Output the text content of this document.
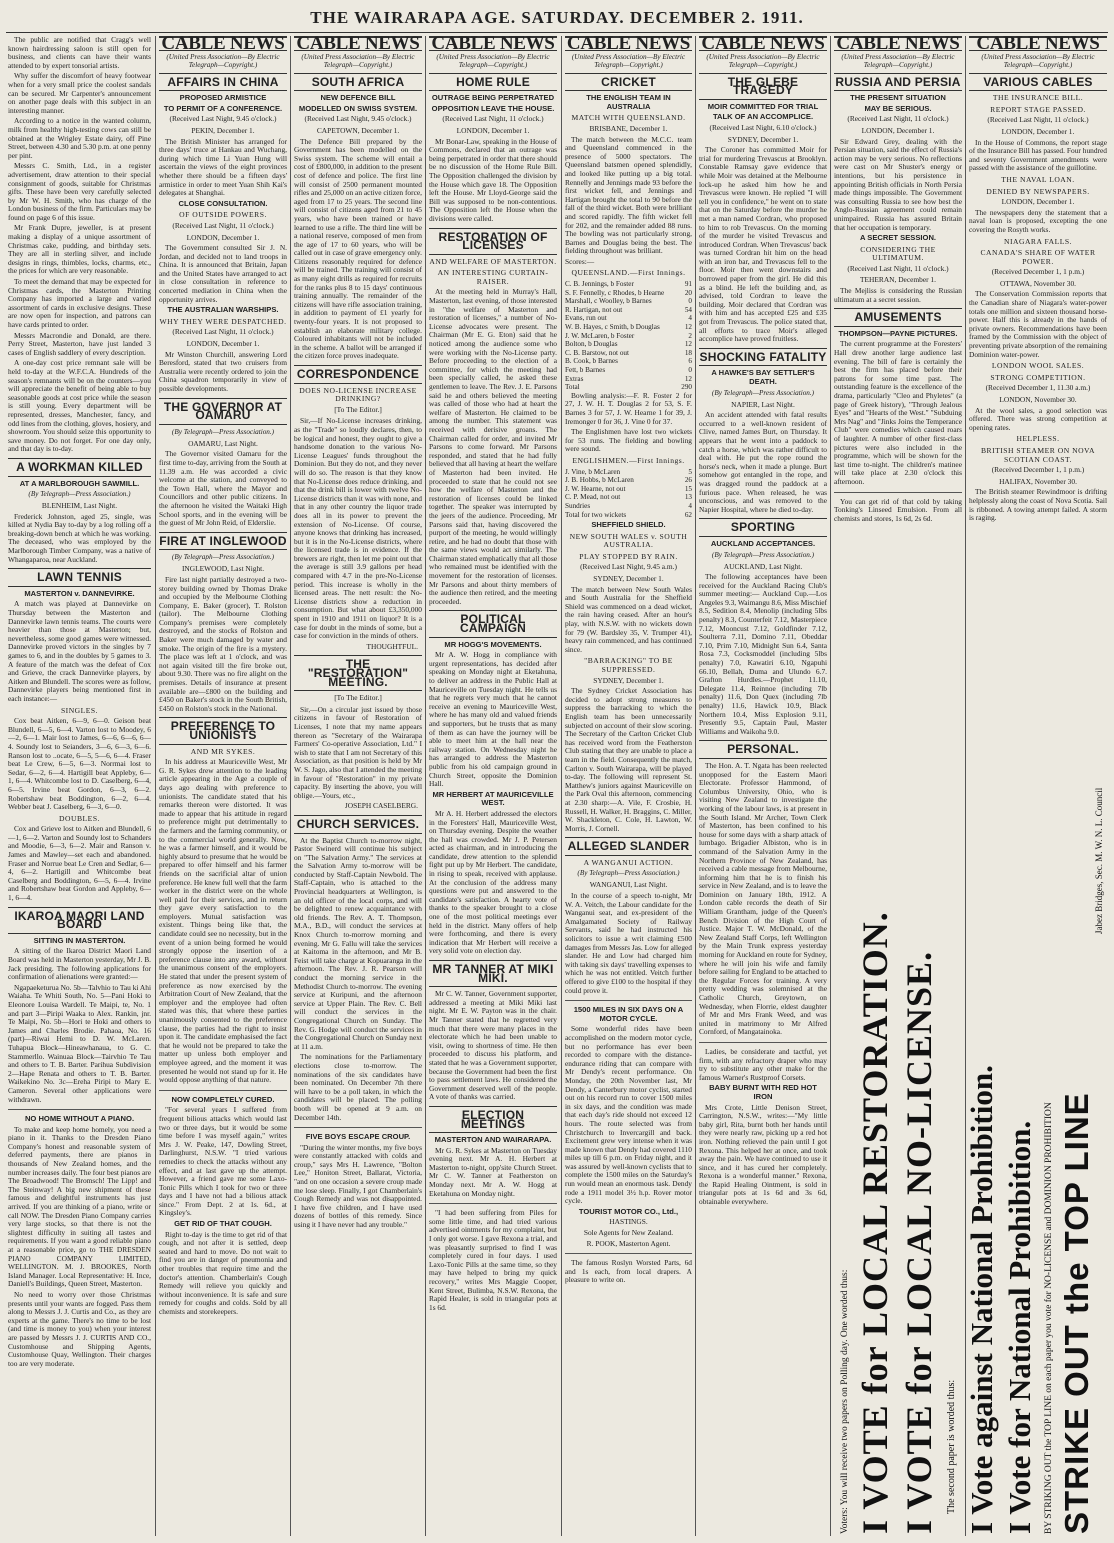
THE WAIRARAPA AGE. SATURDAY. DECEMBER 2. 1911.

The public are notified that Cragg's well known hairdressing saloon is still open for business, and clients can have their wants attended to by expert tonsorial artists.

Why suffer the discomfort of heavy footwear when for a very small price the coolest sandals can be secured. Mr Carpenter's announcement on another page deals with this subject in an interesting manner.

According to a notice in the wanted column, milk from healthy high-testing cows can still be obtained at the Wrigley Estate dairy, off Pine Street, between 4.30 and 5.30 p.m. at one penny per pint.

Messrs C. Smith, Ltd., in a register advertisement, draw attention to their special consignment of goods, suitable for Christmas gifts. These have been very carefully selected by Mr W. H. Smith, who has charge of the London business of the firm. Particulars may be found on page 6 of this issue.

Mr Frank Dupre, jeweller, is at present making a display of a unique assortment of Christmas cake, pudding, and birthday sets. They are all in sterling silver, and include designs in rings, thimbles, locks, charms, etc., the prices for which are very reasonable.

To meet the demand that may be expected for Christmas cards, the Masterton Printing Company has imported a large and varied assortment of cards in exclusive designs. These are now open for inspection, and patrons can have cards printed to order.

Messrs Macrondie and Donald, are there. Perry Street, Masterton, have just landed 3 cases of English saddlery of every description.

A one-day cost price remnant sale will be held to-day at the W.F.C.A. Hundreds of the season's remnants will be on the counters—you will appreciate the benefit of being able to buy seasonable goods at cost price while the season is still young. Every department will be represented, dresses, Manchester, fancy, and odd lines from the clothing, gloves, hosiery, and showroom. You should seize this opportunity to save money. Do not forget. For one day only, and that day is to-day.

A WORKMAN KILLED
AT A MARLBOROUGH SAWMILL.
(By Telegraph—Press Association.)
BLENHEIM, Last Night.

Frederick Johnston, aged 25, single, was killed at Nydia Bay to-day by a log rolling off a breaking-down bench at which he was working. The deceased, who was employed by the Marlborough Timber Company, was a native of Whangaparoa, near Auckland.

LAWN TENNIS
MASTERTON v. DANNEVIRKE.

A match was played at Dannevirke on Thursday between the Masterton and Dannevirke lawn tennis teams. The courts were heavier than those at Masterton; but, nevertheless, some good games were witnessed. Dannevirke proved victors in the singles by 7 games to 6, and in the doubles by 5 games to 3. A feature of the match was the defeat of Cox and Grieve, the crack Dannevirke players, by Aitken and Blundell. The scores were as follow, Dannevirke players being mentioned first in each instance:—

SINGLES.

Cox beat Aitken, 6—9, 6—0. Geison beat Blundell, 6—5, 6—4. Varton lost to Moodey, 6—2, 6—1. Mair lost to James, 6—6, 6—6, 6—4. Soundy lost to Seianders, 3—6, 6—3, 6—6. Ranson lost to ..ocate, 6—5, 5—6, 6—4. Fraser beat Le Crew, 6—5, 6—3. Norrmai lost to Sedar, 6—2, 6—4. Hartigill beat Appleby, 6—1, 6—4. Whitcombe lost to D. Caselberg, 6—4, 6—5. Irvine beat Gordon, 6—3, 6—2. Robertshaw beat Boddington, 6—2, 6—4. Webber beat J. Caselberg, 6—3, 6—0.

DOUBLES.

Cox and Grieve lost to Aitken and Blundell, 6—1, 6—2. Varton and Soundy lost to Schanders and Moodie, 6—3, 6—2. Mair and Ranson v. James and Mawley—set each and abandoned. Fraser and Norrue beat Le Cren and Sedlar, 6—4, 6—2. Hartigill and Whitcombe beat Caselberg and Boddington, 6—5, 6—4. Irvine and Robertshaw beat Gordon and Appleby, 6—1, 6—4.

IKAROA MAORI LAND BOARD
SITTING IN MASTERTON.

A sitting of the Ikaroa District Maori Land Board was held in Masterton yesterday, Mr J. B. Jack presiding. The following applications for confirmation of alienations were granted:—

Ngapaeketurua No. 5b—Talvhio to Tau ki Ahi Waiaha. Te Whiti South, No. 5—Pani Hoki to Eleonore Louisa Wardell. Te Maipi, te, No. 1 and part 3—Piripi Waaka to Alex. Rankin, jnr. Te Maipi, No. 5b—Hori te Hoki and others to James and Charles Brodie. Pahaoa, No. 16 (part)—Riwai Hemi to D. W. McLaren. Tuhapua Block—Hineawhanaua, to G. C. Stammerllo. Wainuaa Block—Tairvhio Te Tau and others to T. B. Barter. Parihua Subdivision 2—Hape Renata and others to T. B. Barter. Waikekino No. 3c—Ereha Piripi to Mary E. Cameron. Several other applications were withdrawn.

NO HOME WITHOUT A PIANO.

To make and keep home homely, you need a piano in it. Thanks to the Dresden Piano Company's honest and reasonable system of deferred payments, there are pianos in thousands of New Zealand homes, and the number increases daily. The four best pianos are The Broadwood! The Bromsch! The Lipp! and The Steinway! A big new shipment of these famous and delightful instruments has just arrived. If you are thinking of a piano, write or call NOW. The Dresden Piano Company carries very large stocks, so that there is not the slightest difficulty in suiting all tastes and requirements. If you want a good reliable piano at a reasonable price, go to THE DRESDEN PIANO COMPANY LIMITED, WELLINGTON. M. J. BROOKES, North Island Manager. Local Representative: H. Ince, Daniell's Buildings, Queen Street, Masterton.

No need to worry over those Christmas presents until your wants are fogged. Pass them along to Messrs J. J. Curtis and Co., as they are experts at the game. There's no time to be lost (and time is money to you) when your interest are passed by Messrs J. J. CURTIS AND CO., Customhouse and Shipping Agents, Customhouse Quay, Wellington. Their charges too are very moderate.

CABLE NEWS
(United Press Association—By Electric Telegraph—Copyright.)
AFFAIRS IN CHINA
PROPOSED ARMISTICE
TO PERMIT OF A CONFERENCE.
(Received Last Night, 9.45 o'clock.)
PEKIN, December 1.

The British Minister has arranged for three days' truce at Hankau and Wuchang, during which time Li Yuan Hung will ascertain the views of the eight provinces whether there should be a fifteen days' armistice in order to meet Yuan Shih Kai's delegates at Shanghai.

CLOSE CONSULTATION.
OF OUTSIDE POWERS.
(Received Last Night, 11 o'clock.)
LONDON, December 1.

The Government consulted Sir J. N. Jordan, and decided not to land troops in China. It is announced that Britain, Japan and the United States have arranged to act in close consultation in reference to concerted mediation in China when the opportunity arrives.

THE AUSTRALIAN WARSHIPS.
WHY THEY WERE DESPATCHED.
(Received Last Night, 11 o'clock.)
LONDON, December 1.

Mr Winston Churchill, answering Lord Beresford, stated that two cruisers from Australia were recently ordered to join the China squadron temporarily in view of possible developments.

THE GOVERNOR AT OAMARU
(By Telegraph—Press Association.)
OAMARU, Last Night.

The Governor visited Oamaru for the first time to-day, arriving from the South at 11.39 a.m. He was accorded a civic welcome at the station, and conveyed to the Town Hall, where the Mayor and Councillors and other public citizens. In the afternoon he visited the Waitaki High School sports, and in the evening will be the guest of Mr John Reid, of Elderslie.

FIRE AT INGLEWOOD
(By Telegraph—Press Association.)
INGLEWOOD, Last Night.

Fire last night partially destroyed a two-storey building owned by Thomas Drake and occupied by the Melbourne Clothing Company, E. Baker (grocer), T. Rolston (tailor). The Melbourne Clothing Company's premises were completely destroyed, and the stocks of Rolston and Baker were much damaged by water and smoke. The origin of the fire is a mystery. The place was left at 1 o'clock, and was not again visited till the fire broke out, about 9.30. There was no fire alight on the premises. Details of insurance at present available are—£800 on the building and £450 on Baker's stock in the South British, £450 on Rolston's stock in the National.

PREFERENCE TO UNIONISTS
AND MR SYKES.

In his address at Mauriceville West, Mr G. R. Sykes drew attention to the leading article appearing in the Age a couple of days ago dealing with preference to unionists. The candidate stated that his remarks thereon were distorted. It was made to appear that his attitude in regard to preference might put detrimentally to the farmers and the farming community, or to the commercial world generally. Now, he was a farmer himself, and it would be highly absurd to presume that he would be prepared to offer himself and his farmer friends on the sacrificial altar of union preference. He knew full well that the farm worker in the district were on the whole well paid for their services, and in return they gave every satisfaction to the employers. Mutual satisfaction was existent. Things being like that, the candidate could see no necessity, but in the event of a union being formed he would strongly oppose the insertion of a preference clause into any award, without the unanimous consent of the employers. He stated that under the present system of preference as now exercised by the Arbitration Court of New Zealand, that the employer and the employee had often stated was this, that where these parties unanimously consented to the preference clause, the parties had the right to insist upon it. The candidate emphasised the fact that he would not be prepared to take the matter up unless both employer and employee agreed, and the moment it was presented he would not stand up for it. He would oppose anything of that nature.

NOW COMPLETELY CURED.

"For several years I suffered from frequent bilious attacks which would last two or three days, but it would be some time before I was myself again," writes Mrs J. W. Peake, 147, Dowling Street, Darlinghurst, N.S.W. "I tried various remedies to check the attacks without any effect, and at last gave up the attempt. However, a friend gave me some Laxo-Tonic Pills which I took for two or three days and I have not had a bilious attack since." From Dept. 2 at 1s. 6d., at Kingsley's.

GET RID OF THAT COUGH.

Right to-day is the time to get rid of that cough, and not after it is settled, deep seated and hard to move. Do not wait to find you are in danger of pneumonia and other troubles that require time and the doctor's attention. Chamberlain's Cough Remedy will relieve you quickly and without inconvenience. It is safe and sure remedy for coughs and colds. Sold by all chemists and storekeepers.

CABLE NEWS
(United Press Association—By Electric Telegraph—Copyright.)
SOUTH AFRICA
NEW DEFENCE BILL
MODELLED ON SWISS SYSTEM.
(Received Last Night, 9.45 o'clock.)
CAPETOWN, December 1.

The Defence Bill prepared by the Government has been modelled on the Swiss system. The scheme will entail a cost of £800,000, in addition to the present cost of defence and police. The first line will consist of 2500 permanent mounted rifles and 25,000 on an active citizen force, aged from 17 to 25 years. The second line will consist of citizens aged from 21 to 45 years, who have been trained or have learned to use a rifle. The third line will be a national reserve, composed of men from the age of 17 to 60 years, who will be called out in case of grave emergency only. Citizens reasonably required for defence will be trained. The training will consist of as many eight drills as required for recruits for the ranks plus 8 to 15 days' continuous training annually. The remainder of the citizens will have rifle association training, in addition to payment of £1 yearly for twenty-four years. It is not proposed to establish an elaborate military college. Coloured inhabitants will not be included in the scheme. A ballot will be arranged if the citizen force proves inadequate.

CORRESPONDENCE
DOES NO-LICENSE INCREASE DRINKING?
[To The Editor.]

Sir,—If No-License increases drinking, as the "Trade" so loudly declares, then, to be logical and honest, they ought to give a handsome donation to the various No-License Leagues' funds throughout the Dominion. But they do not, and they never will do so. The reason is that they know that No-License does reduce drinking, and that the drink bill is lower with twelve No-License districts than it was with none, and that in any other country the liquor trade does all in its power to prevent the extension of No-License. Of course, anyone knows that drinking has increased, but it is in the No-License districts, where the licensed trade is in evidence. If the brewers are right, then let me point out that the average is still 3.9 gallons per head compared with 4.7 in the pre-No-License period. This increase is wholly in the licensed areas. The nett result: the No-License districts show a reduction in consumption. But what about £3,350,000 spent in 1910 and 1911 on liquor? It is a case for doubt in the minds of some, but a case for conviction in the minds of others.

THOUGHTFUL.
THE "RESTORATION" MEETING.
[To The Editor.]

Sir,—On a circular just issued by those citizens in favour of Restoration of Licenses, I note that my name appears thereon as "Secretary of the Wairarapa Farmers' Co-operative Association, Ltd." I wish to state that I am not Secretary of this Association, as that position is held by Mr W. S. Jago, also that I attended the meeting in favour of "Restoration" in my private capacity. By inserting the above, you will oblige.—Yours, etc.,

JOSEPH CASELBERG.
CHURCH SERVICES.

At the Baptist Church to-morrow night, Pastor Swinerd will continue his subject on "The Salvation Army." The services at the Salvation Army to-morrow will be conducted by Staff-Captain Newbold. The Staff-Captain, who is attached to the Provincial headquarters at Wellington, is an old officer of the local corps, and will be delighted to renew acquaintance with old friends. The Rev. A. T. Thompson, M.A., B.D., will conduct the services at Knox Church to-morrow morning and evening. Mr G. Fallu will take the services at Kaitoma in the afternoon, and Mr B. Feist will take charge at Kopuaranga in the afternoon. The Rev. J. R. Pearson will conduct the morning service in the Methodist Church to-morrow. The evening service at Kuripuni, and the afternoon service at Upper Plain. The Rev. C. Bell will conduct the services in the Congregational Church on Sunday. The Rev. G. Hodge will conduct the services in the Congregational Church on Sunday next at 11 a.m.

The nominations for the Parliamentary elections close to-morrow. The nominations of the six candidates have been nominated. On December 7th there will have to be a poll taken, in which the candidates will be placed. The polling booth will be opened at 9 a.m. on December 14th.

FIVE BOYS ESCAPE CROUP.

"During the winter months, my five boys were constantly attacked with colds and croup," says Mrs H. Lawrence, "Bolton Lee," Honiton Street, Ballarat, Victoria, "and on one occasion a severe croup made me lose sleep. Finally, I got Chamberlain's Cough Remedy and was not disappointed. I have five children, and I have used dozens of bottles of this remedy. Since using it I have never had any trouble."

CABLE NEWS
(United Press Association—By Electric Telegraph—Copyright.)
HOME RULE
OUTRAGE BEING PERPETRATED
OPPOSITION LEAVE THE HOUSE.
(Received Last Night, 11 o'clock.)
LONDON, December 1.

Mr Bonar-Law, speaking in the House of Commons, declared that an outrage was being perpetrated in order that there should be no discussion of the Home Rule Bill. The Opposition challenged the division by the House which gave 18. The Opposition left the House. Mr Lloyd-George said the Bill was supposed to be non-contentious. The Opposition left the House when the divisions were called.

RESTORATION OF LICENSES
AND WELFARE OF MASTERTON.
AN INTERESTING CURTAIN-RAISER.

At the meeting held in Murray's Hall, Masterton, last evening, of those interested in "the welfare of Masterton and restoration of licenses," a number of No-License advocates were present. The Chairman (Mr E. G. Eton) said that he noticed among the audience some who were working with the No-License party. Before proceeding to the election of a committee, for which the meeting had been specially called, he asked these gentlemen to leave. The Rev. J. E. Parsons said he and others believed the meeting was called of those who had at heart the welfare of Masterton. He claimed to be among the number. This statement was received with derisive groans. The Chairman called for order, and invited Mr Parsons to come forward. Mr Parsons responded, and stated that he had fully believed that all having at heart the welfare of Masterton had been invited. He proceeded to state that he could not see how the welfare of Masterton and the restoration of licenses could be linked together. The speaker was interrupted by the jeers of the audience. Proceeding, Mr Parsons said that, having discovered the purport of the meeting, he would willingly retire, and he had no doubt that those with the same views would act similarly. The Chairman stated emphatically that all those who remained must be identified with the movement for the restoration of licenses. Mr Parsons and about thirty members of the audience then retired, and the meeting proceeded.

POLITICAL CAMPAIGN
MR HOGG'S MOVEMENTS.

Mr A. W. Hogg in compliance with urgent representations, has decided after speaking on Monday night at Eketahuna, to deliver an address in the Public Hall at Mauriceville on Tuesday night. He tells us that he regrets very much that he cannot receive an evening to Mauriceville West, where he has many old and valued friends and supporters, but he trusts that as many of them as can have the journey will be able to meet him at the hall near the railway station. On Wednesday night he has arranged to address the Masterton public from his old campaign ground in Church Street, opposite the Dominion Hall.

MR HERBERT AT MAURICEVILLE WEST.

Mr A. H. Herbert addressed the electors in the Foresters' Hall, Mauriceville West, on Thursday evening. Despite the weather the hall was crowded. Mr J. P. Petersen acted as chairman, and in introducing the candidate, drew attention to the splendid fight put up by Mr Herbert. The candidate, in rising to speak, received with applause. At the conclusion of the address many questions were put and answered to the candidate's satisfaction. A hearty vote of thanks to the speaker brought to a close one of the most political meetings ever held in the district. Many offers of help were forthcoming, and there is every indication that Mr Herbert will receive a very solid vote on election day.

MR TANNER AT MIKI MIKI.

Mr C. W. Tanner, Government supporter, addressed a meeting at Miki Miki last night. Mr E. W. Payton was in the chair. Mr Tanner stated that he regretted very much that there were many places in the electorate which he had been unable to visit, owing to shortness of time. He then proceeded to discuss his platform, and stated that he was a Government supporter, because the Government had been the first to pass settlement laws. He considered the Government deserved well of the people. A vote of thanks was carried.

ELECTION MEETINGS
MASTERTON AND WAIRARAPA.

Mr G. R. Sykes at Masterton on Tuesday evening next. Mr A. H. Herbert at Masterton to-night, opp'site Church Street. Mr C. W. Tanner at Featherston on Monday next. Mr A. W. Hogg at Eketahuna on Monday night.

"I had been suffering from Piles for some little time, and had tried various advertised ointments for my complaint, but I only got worse. I gave Rexona a trial, and was pleasantly surprised to find I was completely cured in four days. I used Laxo-Tonic Pills at the same time, so they may have helped to bring my quick recovery," writes Mrs Maggie Cooper, Kent Street, Bulimba, N.S.W. Rexona, the Rapid Healer, is sold in triangular pots at 1s 6d.

CABLE NEWS
(United Press Association—By Electric Telegraph—Copyright.)
CRICKET
THE ENGLISH TEAM IN AUSTRALIA
MATCH WITH QUEENSLAND.
BRISBANE, December 1.

The match between the M.C.C. team and Queensland commenced in the presence of 5000 spectators. The Queensland batsmen opened splendidly, and looked like putting up a big total. Rennelly and Jennings made 93 before the first wicket fell, and Jennings and Hartigan brought the total to 90 before the fall of the third wicket. Both were brilliant and scored rapidly. The fifth wicket fell for 202, and the remainder added 88 runs. The bowling was not particularly strong, Barnes and Douglas being the best. The fielding throughout was brilliant.

Scores:—
QUEENSLAND.—First Innings.
C. B. Jennings, b Foster	91
S. F. Fennelly, c Rhodes, b Hearne	20
Marshall, c Woolley, b Barnes	0
R. Hartigan, not out	54
Evans, run out	4
W. B. Hayes, c Smith, b Douglas	12
J. W. McLaren, b Foster	2
Bolton, b Douglas	12
C. B. Barstow, not out	18
B. Cook, b Barnes	6
Fett, b Barnes	0
Extras	12
Total	290

Bowling analysis:—F. R. Foster 2 for 27, J. W. H. T. Douglas 2 for 53, S. F. Barnes 3 for 57, J. W. Hearne 1 for 39, J. Iremonger 0 for 36, J. Vine 0 for 37.

The Englishmen have lost two wickets for 53 runs. The fielding and bowling were sound.

ENGLISHMEN.—First Innings.
J. Vine, b McLaren	5
J. B. Hobbs, b McLaren	26
J. W. Hearne, not out	15
C. P. Mead, not out	13
Sundries	4
Total for two wickets	62
SHEFFIELD SHIELD.
NEW SOUTH WALES v. SOUTH AUSTRALIA.
PLAY STOPPED BY RAIN.
(Received Last Night, 9.45 a.m.)
SYDNEY, December 1.

The match between New South Wales and South Australia for the Sheffield Shield was commenced on a dead wicket, the rain having ceased. After an hour's play, with N.S.W. with no wickets down for 79 (W. Bardsley 35, V. Trumper 41), heavy rain commenced, and has continued since.

"BARRACKING" TO BE SUPPRESSED.
SYDNEY, December 1.

The Sydney Cricket Association has decided to adopt strong measures to suppress the barracking to which the English team has been unnecessarily subjected on account of their slow scoring. The Secretary of the Carlton Cricket Club has received word from the Featherston Club stating that they are unable to place a team in the field. Consequently the match, Carlton v. South Wairarapa, will be played to-day. The following will represent St. Matthew's juniors against Mauriceville on the Park Oval this afternoon, commencing at 2.30 sharp:—A. Vile, F. Crosbie, H. Russell, H. Walker, H. Braggins, C. Miller, W. Shackleton, C. Cole, H. Lawton, W. Morris, J. Cornell.

ALLEGED SLANDER
A WANGANUI ACTION.
(By Telegraph—Press Association.)
WANGANUI, Last Night.

In the course of a speech to-night, Mr W. A. Veitch, the Labour candidate for the Wanganui seat, and ex-president of the Amalgamated Society of Railway Servants, said he had instructed his solicitors to issue a writ claiming £500 damages from Messrs Jas. Low for alleged slander. He and Low had charged him with taking six days' travelling expenses to which he was not entitled. Veitch further offered to give £100 to the hospital if they could prove it.

1500 MILES IN SIX DAYS ON A MOTOR CYCLE.

Some wonderful rides have been accomplished on the modern motor cycle, but no performance has ever been recorded to compare with the distance-endurance riding that can compare with Mr Dendy's recent performance. On Monday, the 20th November last, Mr Dendy, a Canterbury motor cyclist, started out on his record run to cover 1500 miles in six days, and the condition was made that each day's ride should not exceed 12 hours. The route selected was from Christchurch to Invercargill and back. Excitement grew very intense when it was made known that Dendy had covered 1110 miles up till 6 p.m. on Friday night, and it was assured by well-known cyclists that to complete the 1500 miles on the Saturday's run would mean an enormous task. Dendy rode a 1911 model 3½ h.p. Rover motor cycle.

TOURIST MOTOR CO., Ltd.,
HASTINGS.
Sole Agents for New Zealand.
R. POOK, Masterton Agent.

The famous Roslyn Worsted Parts, 6d and 1s each, from local drapers. A pleasure to write on.

CABLE NEWS
(United Press Association—By Electric Telegraph—Copyright.)
THE GLEBE TRAGEDY
MOIR COMMITTED FOR TRIAL
TALK OF AN ACCOMPLICE.
(Received Last Night, 6.10 o'clock.)
SYDNEY, December 1.

The Coroner has committed Moir for trial for murdering Trevascus at Brooklyn. Constable Ramsay gave evidence that while Moir was detained at the Melbourne lock-up he asked him how he and Trevascus were known. He replied "I will tell you in confidence," he went on to state that on the Saturday before the murder he met a man named Cordran, who proposed to him to rob Trevascus. On the morning of the murder he visited Trevascus and introduced Cordran. When Trevascus' back was turned Cordran hit him on the head with an iron bar, and Trevascus fell to the floor. Moir then went downstairs and borrowed paper from the girl. He did this as a blind. He left the building and, as advised, told Cordran to leave the building. Moir declared that Cordran was with him and has accepted £25 and £35 got from Trevascus. The police stated that, all efforts to trace Moir's alleged accomplice have proved fruitless.

SHOCKING FATALITY
A HAWKE'S BAY SETTLER'S DEATH.
(By Telegraph—Press Association.)
NAPIER, Last Night.

An accident attended with fatal results occurred to a well-known resident of Clive, named James Burt, on Thursday. It appears that he went into a paddock to catch a horse, which was rather difficult to deal with. He put the rope round the horse's neck, when it made a plunge. Burt somehow got entangled in the rope, and was dragged round the paddock at a furious pace. When released, he was unconscious, and was removed to the Napier Hospital, where he died to-day.

SPORTING
AUCKLAND ACCEPTANCES.
(By Telegraph—Press Association.)
AUCKLAND, Last Night.

The following acceptances have been received for the Auckland Racing Club's summer meeting:— Auckland Cup.—Los Angeles 9.3, Waimangu 8.6, Miss Mischief 8.5, Sedition 8.4, Menolip (including 5lbs penalty) 8.3, Counterfeit 7.12, Masterpiece 7.12, Mooncust 7.12, Goldfinder 7.12, Soulterra 7.11, Domino 7.11, Obeddar 7.10, Prim 7.10, Midnight Sun 6.4, Santa Rosa 7.3, Cocksmoddel (including 5lbs penalty) 7.0, Kawatiri 6.10, Ngapuhi 66.10, Bellah, Duma and Ulundo 6.7. Grafton Hurdles.—Prophet 11.10, Delegate 11.4, Reinnoe (including 7lb penalty) 11.6, Don Quex (including 7lb penalty) 11.6, Hawick 10.9, Black Northern 10.4, Miss Explosion 9.11, Presently 9.5, Captain Paul, Master Williams and Waikoha 9.0.

PERSONAL.

The Hon. A. T. Ngata has been reelected unopposed for the Eastern Maori Electorate. Professor Hammond, of Columbus University, Ohio, who is visiting New Zealand to investigate the working of the labour laws, is at present in the South Island. Mr Archer, Town Clerk of Masterton, has been confined to his house for some days with a sharp attack of lumbago. Brigadier Albiston, who is in command of the Salvation Army in the Northern Province of New Zealand, has received a cable message from Melbourne, informing him that he is to finish his service in New Zealand, and is to leave the Dominion on January 18th, 1912. A London cable records the death of Sir William Grantham, judge of the Queen's Bench Division of the High Court of Justice. Major T. W. McDonald, of the New Zealand Staff Corps, left Wellington by the Main Trunk express yesterday morning for Auckland en route for Sydney, where he will join his wife and family before sailing for England to be attached to the Regular Forces for training. A very pretty wedding was solemnised at the Catholic Church, Greytown, on Wednesday, when Florrie, eldest daughter of Mr and Mrs Frank Weed, and was united in matrimony to Mr Alfred Cornford, of Mangatainoka.

Ladies, be considerate and tactful, yet firm, with any refractory draper who may try to substitute any other make for the famous Warner's Rustproof Corsets.

BABY BURNT WITH RED HOT IRON

Mrs Crote, Little Denison Street, Carrington, N.S.W., writes:—"My little baby girl, Rita, burnt both her hands until they were nearly raw, picking up a red hot iron. Nothing relieved the pain until I got Rexona. This helped her at once, and took away the pain. We have continued to use it since, and it has cured her completely. Rexona is a wonderful manner." Rexona, the Rapid Healing Ointment, is sold in triangular pots at 1s 6d and 3s 6d, obtainable everywhere.

CABLE NEWS
(United Press Association—By Electric Telegraph—Copyright.)
RUSSIA AND PERSIA
THE PRESENT SITUATION
MAY BE SERIOUS.
(Received Last Night, 11 o'clock.)
LONDON, December 1.

Sir Edward Grey, dealing with the Persian situation, said the effect of Russia's action may be very serious. No reflections were cast on Mr Shuster's energy or intentions, but his persistence in appointing British officials in North Persia made things impossible. The Government was consulting Russia to see how best the Anglo-Russian agreement could remain unimpaired. Russia has assured Britain that her occupation is temporary.

A SECRET SESSION.
CONSIDERING THE ULTIMATUM.
(Received Last Night, 11 o'clock.)
TEHERAN, December 1.

The Mejliss is considering the Russian ultimatum at a secret session.

AMUSEMENTS
THOMPSON—PAYNE PICTURES.

The current programme at the Foresters' Hall drew another large audience last evening. The bill of fare is certainly the best the firm has placed before their patrons for some time past. The outstanding feature is the excellence of the drama, particularly "Cleo and Phyletes" (a page of Greek history), "Through Jealous Eyes" and "Hearts of the West." "Subduing Mrs Nag" and "Jinks Joins the Temperance Club" were comedies which caused roars of laughter. A number of other first-class pictures were also included in the programme, which will be shown for the last time to-night. The children's matinee will take place at 2.30 o'clock this afternoon.

You can get rid of that cold by taking Tonking's Linseed Emulsion. From all chemists and stores, 1s 6d, 2s 6d.

CABLE NEWS
(United Press Association—By Electric Telegraph—Copyright.)
VARIOUS CABLES
THE INSURANCE BILL.
REPORT STAGE PASSED.
(Received Last Night, 11 o'clock.)
LONDON, December 1.

In the House of Commons, the report stage of the Insurance Bill has passed. Four hundred and seventy Government amendments were passed with the assistance of the guillotine.

THE NAVAL LOAN.
DENIED BY NEWSPAPERS.
LONDON, December 1.

The newspapers deny the statement that a naval loan is proposed, excepting the one covering the Rosyth works.

NIAGARA FALLS.
CANADA'S SHARE OF WATER POWER.
(Received December 1, 1 p.m.)
OTTAWA, November 30.

The Conservation Commission reports that the Canadian share of Niagara's water-power totals one million and sixteen thousand horse-power. Half this is already in the hands of private owners. Recommendations have been framed by the Commission with the object of preventing private absorption of the remaining Dominion water-power.

LONDON WOOL SALES.
STRONG COMPETITION.
(Received December 1, 11.30 a.m.)
LONDON, November 30.

At the wool sales, a good selection was offered. There was strong competition at opening rates.

HELPLESS.
BRITISH STEAMER ON NOVA SCOTIAN COAST.
(Received December 1, 1 p.m.)
HALIFAX, November 30.

The British steamer Rewindmoor is drifting helplessly along the coast of Nova Scotia. Sail is ribboned. A towing attempt failed. A storm is raging.

Voters: You will receive two papers on Polling day. One worded thus: I VOTE for LOCAL RESTORATION. I VOTE for LOCAL NO-LICENSE. The second paper is worded thus: I Vote against National Prohibition. I Vote for National Prohibition. BY STRIKING OUT the TOP LINE on each paper you vote for NO-LICENSE and DOMINION PROHIBITION STRIKE OUT the TOP LINE
Jabez Bridges, Sec. M. W. N. L. Council
